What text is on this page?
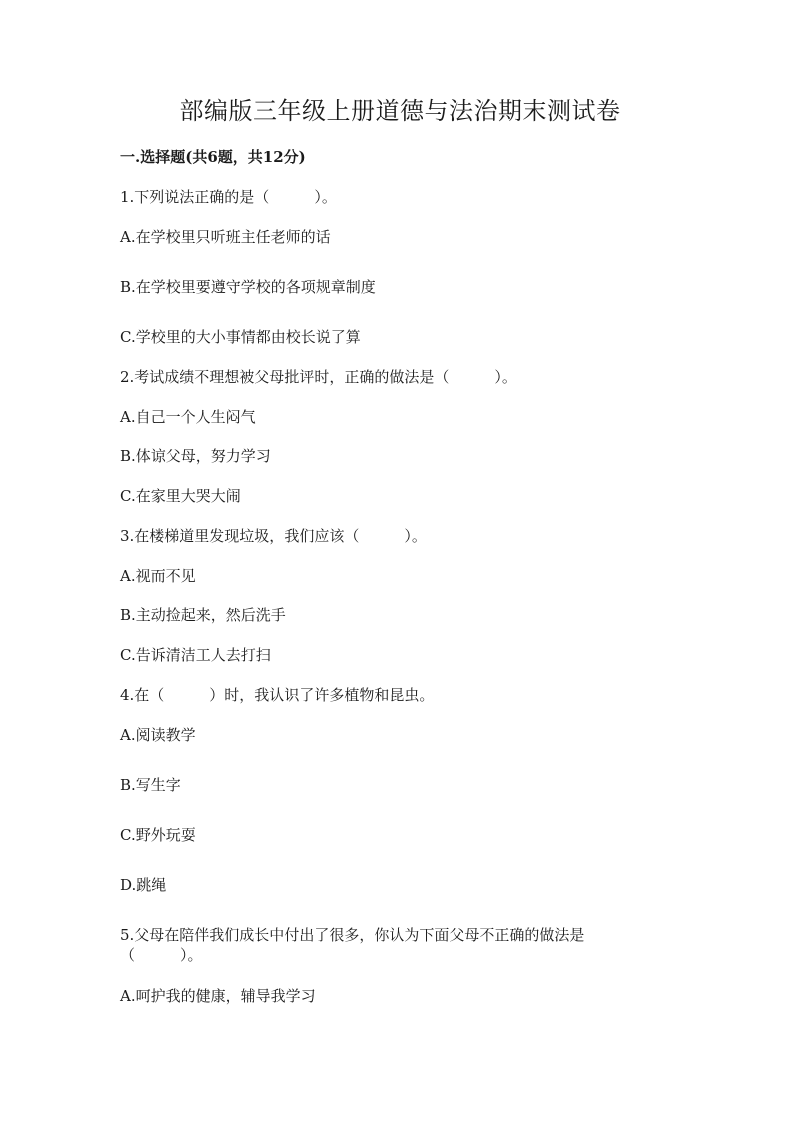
部编版三年级上册道德与法治期末测试卷
一.选择题(共6题，共12分)
1.下列说法正确的是（　　　）。
A.在学校里只听班主任老师的话
B.在学校里要遵守学校的各项规章制度
C.学校里的大小事情都由校长说了算
2.考试成绩不理想被父母批评时，正确的做法是（　　　）。
A.自己一个人生闷气
B.体谅父母，努力学习
C.在家里大哭大闹
3.在楼梯道里发现垃圾，我们应该（　　　）。
A.视而不见
B.主动捡起来，然后洗手
C.告诉清洁工人去打扫
4.在（　　　）时，我认识了许多植物和昆虫。
A.阅读教学
B.写生字
C.野外玩耍
D.跳绳
5.父母在陪伴我们成长中付出了很多，你认为下面父母不正确的做法是
（　　　）。
A.呵护我的健康，辅导我学习
